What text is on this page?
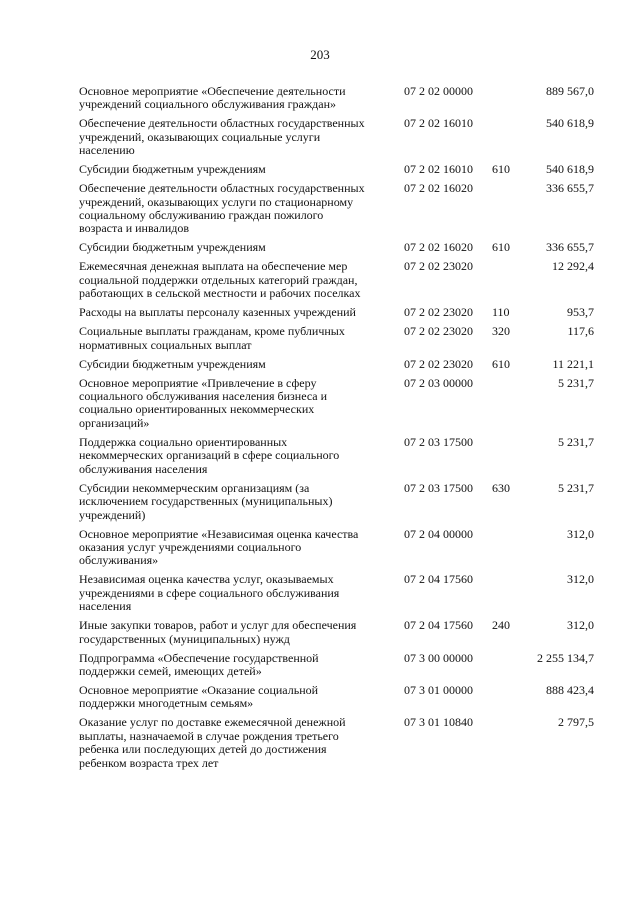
203
Основное мероприятие «Обеспечение деятельности
учреждений социального обслуживания граждан»
07 2 02 00000	889 567,0
Обеспечение деятельности областных государственных
учреждений, оказывающих социальные услуги
населению
07 2 02 16010	540 618,9
Субсидии бюджетным учреждениям	07 2 02 16010 610	540 618,9
Обеспечение деятельности областных государственных
учреждений, оказывающих услуги по стационарному
социальному обслуживанию граждан пожилого
возраста и инвалидов
07 2 02 16020	336 655,7
Субсидии бюджетным учреждениям	07 2 02 16020 610	336 655,7
Ежемесячная денежная выплата на обеспечение мер
социальной поддержки отдельных категорий граждан,
работающих в сельской местности и рабочих поселках
07 2 02 23020	12 292,4
Расходы на выплаты персоналу казенных учреждений	07 2 02 23020 110	953,7
Социальные выплаты гражданам, кроме публичных
нормативных социальных выплат
07 2 02 23020 320	117,6
Субсидии бюджетным учреждениям	07 2 02 23020 610	11 221,1
Основное мероприятие «Привлечение в сферу
социального обслуживания населения бизнеса и
социально ориентированных некоммерческих
организаций»
07 2 03 00000	5 231,7
Поддержка социально ориентированных
некоммерческих организаций в сфере социального
обслуживания населения
07 2 03 17500	5 231,7
Субсидии некоммерческим организациям (за
исключением государственных (муниципальных)
учреждений)
07 2 03 17500 630	5 231,7
Основное мероприятие «Независимая оценка качества
оказания услуг учреждениями социального
обслуживания»
07 2 04 00000	312,0
Независимая оценка качества услуг, оказываемых
учреждениями в сфере социального обслуживания
населения
07 2 04 17560	312,0
Иные закупки товаров, работ и услуг для обеспечения
государственных (муниципальных) нужд
07 2 04 17560 240	312,0
Подпрограмма «Обеспечение государственной
поддержки семей, имеющих детей»
07 3 00 00000	2 255 134,7
Основное мероприятие «Оказание социальной
поддержки многодетным семьям»
07 3 01 00000	888 423,4
Оказание услуг по доставке ежемесячной денежной
выплаты, назначаемой в случае рождения третьего
ребенка или последующих детей до достижения
ребенком возраста трех лет
07 3 01 10840	2 797,5
